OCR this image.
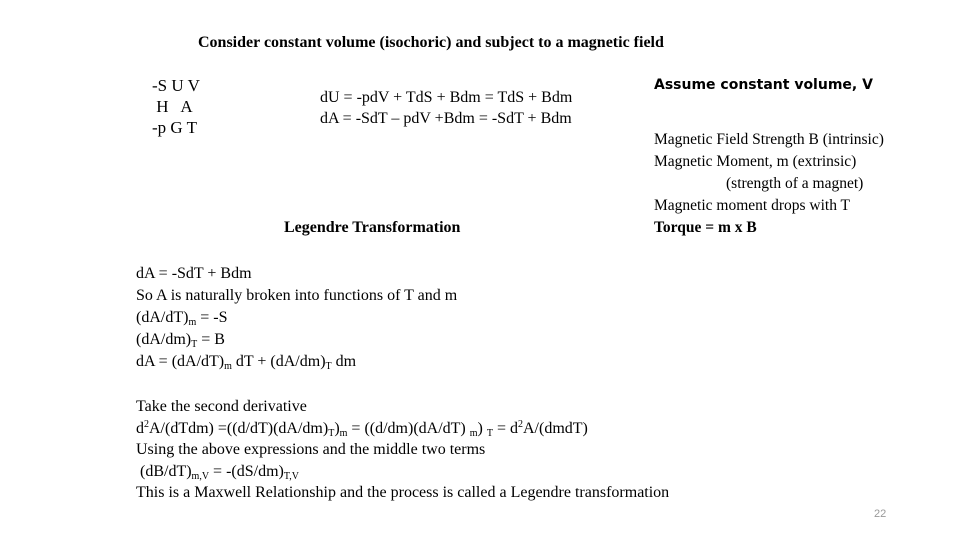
Consider constant volume (isochoric) and subject to a magnetic field
-S U V
H   A
-p G T
dU = -pdV + TdS + Bdm = TdS + Bdm
dA = -SdT – pdV +Bdm = -SdT + Bdm
Assume constant volume, V
Magnetic Field Strength B (intrinsic)
Magnetic Moment, m (extrinsic)
(strength of a magnet)
Magnetic moment drops with T
Torque = m x B
Legendre Transformation
dA = -SdT + Bdm
So A is naturally broken into functions of T and m
$(dA/dT)_m = -S$
$(dA/dm)_T = B$
dA = $(dA/dT)_m$ dT + $(dA/dm)_T$ dm
Take the second derivative
$d^2A/(dTdm) =((d/dT)(dA/dm)_T)_m = ((d/dm)(dA/dT)$ $_m$) $_T = d^2A/(dmdT)$
Using the above expressions and the middle two terms
$(dB/dT)_{m,V} = -(dS/dm)_{T,V}$
This is a Maxwell Relationship and the process is called a Legendre transformation
22
